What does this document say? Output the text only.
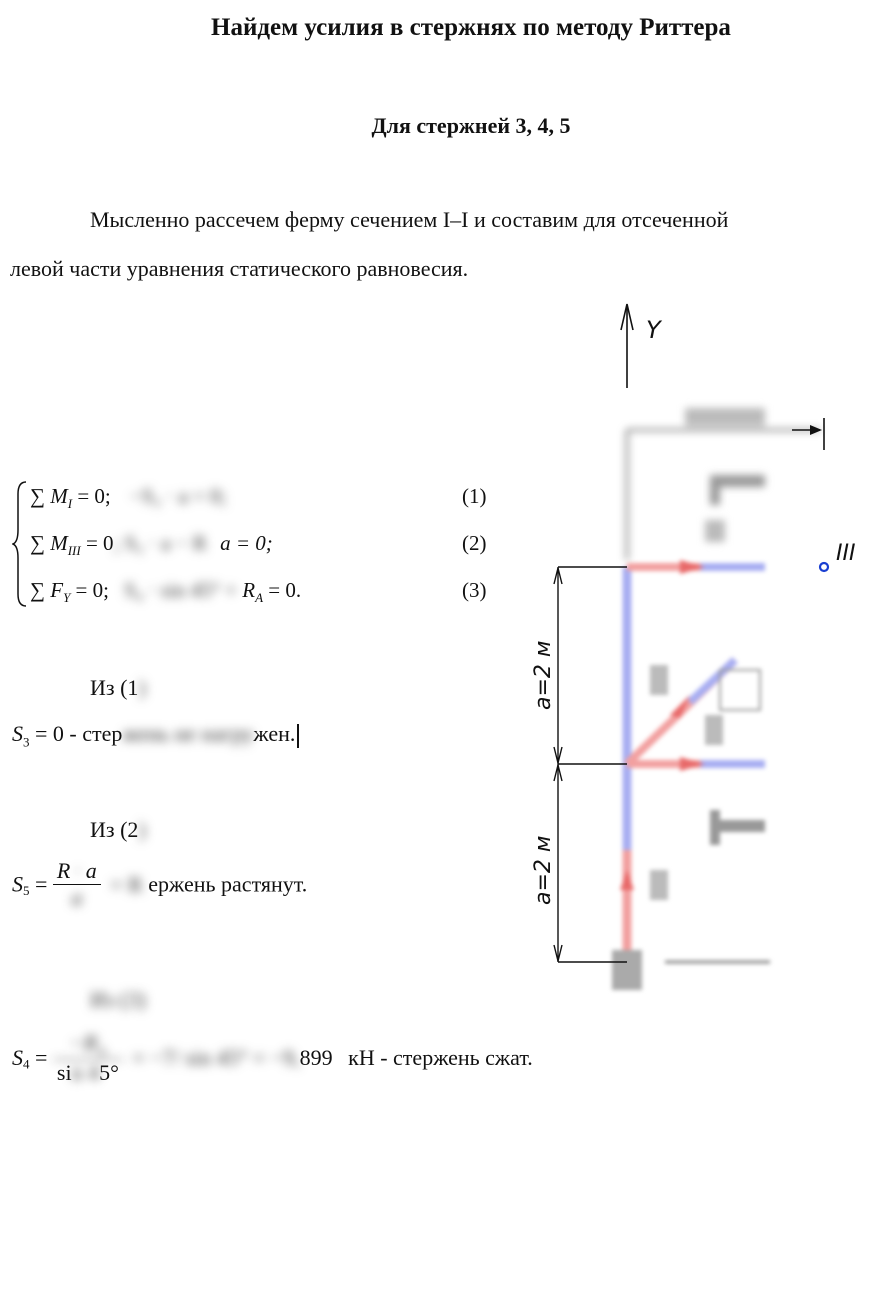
Найдем усилия в стержнях по методу Риттера
Для стержней 3, 4, 5
Мысленно рассечем ферму сечением I–I и составим для отсеченной
левой части уравнения статического равновесия.
∑ $M_I = 0$; −S₃ · a = 0;
∑ $M_{III} = 0$; S₅ · a − R a = 0;
∑ $F_Y = 0$; $S_4 \cdot \sin 45^\circ + R_A = 0$.
(1)
(2)
(3)
Из (1)
$S_3 = 0$ - стержень не нагружен.
Из (2)
$S_5 = \frac{R \cdot a}{a} = R$ ержень растянут.
Из (3)
$S_4 = \frac{-R_A}{\sin 45^\circ} = -7/$ sin 45° = −9,899 кН - стержень сжат.
Y
III
a=2 м
a=2 м
